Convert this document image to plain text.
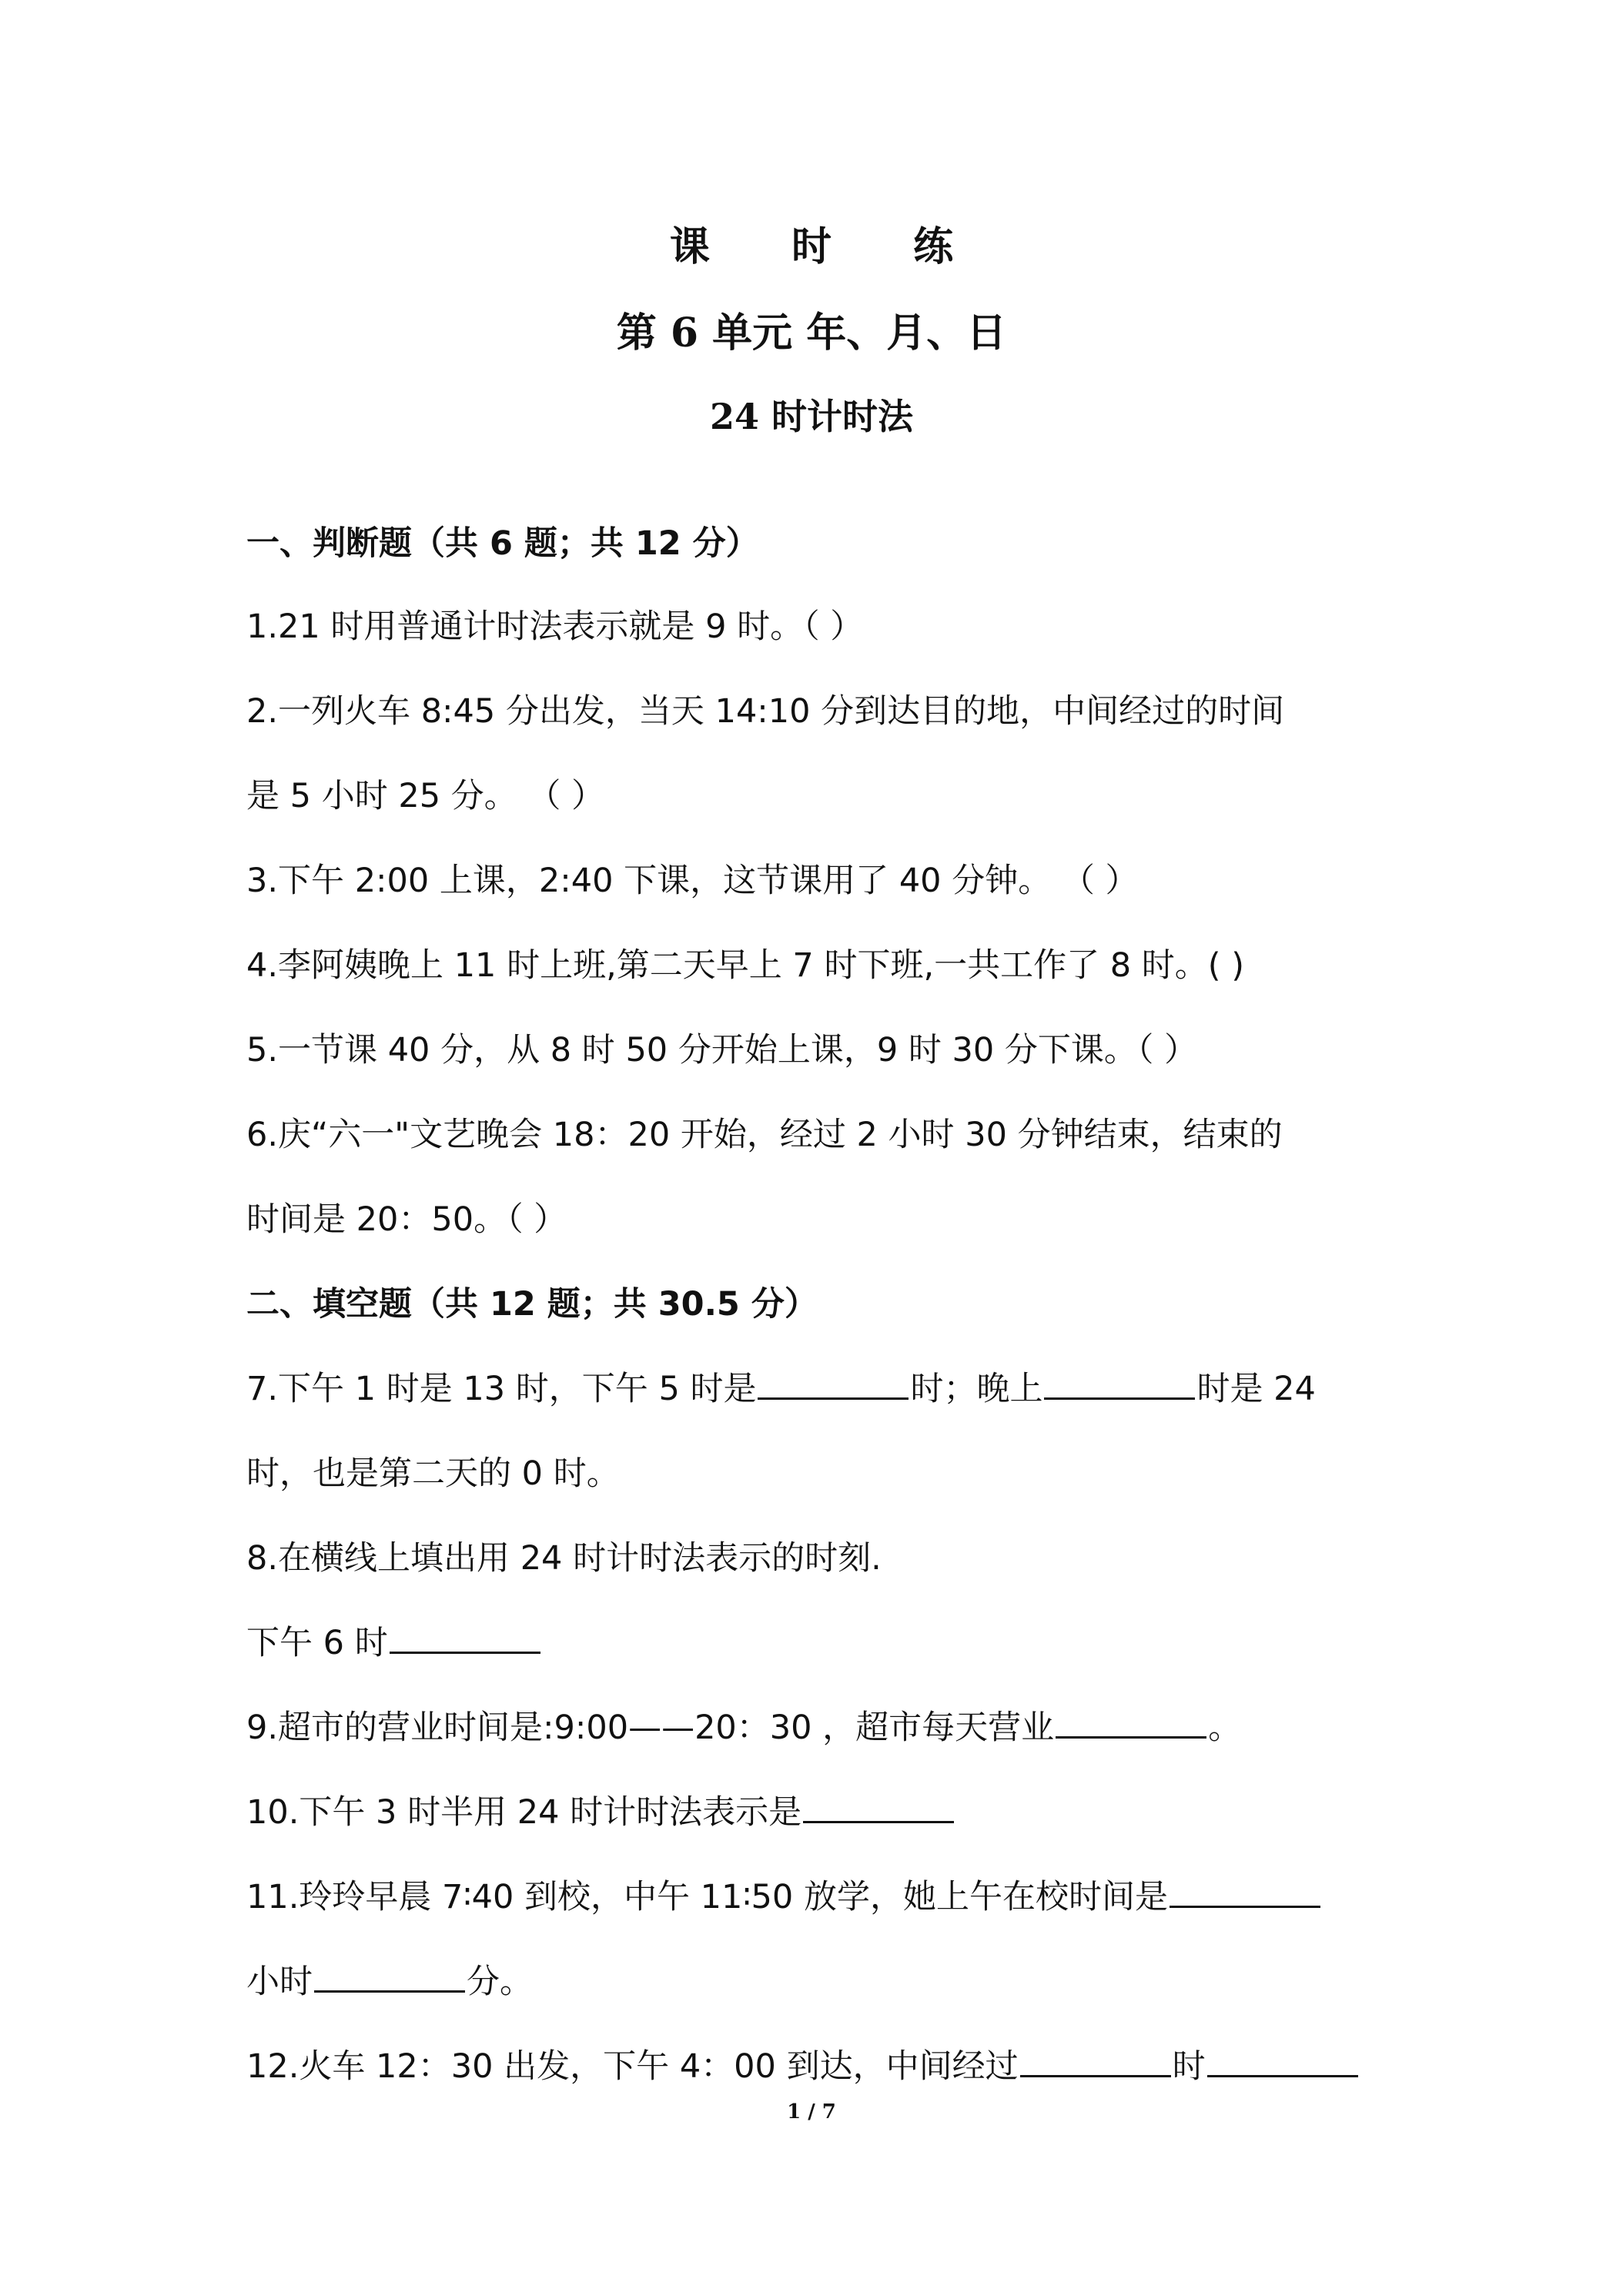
课 时 练
第 6 单元 年、月、日
24 时计时法
一、判断题（共 6 题；共 12 分）
1.21 时用普通计时法表示就是 9 时。（ ）
2.一列火车 8:45 分出发，当天 14:10 分到达目的地，中间经过的时间
是 5 小时 25 分。 （ ）
3.下午 2:00 上课，2:40 下课，这节课用了 40 分钟。 （ ）
4.李阿姨晚上 11 时上班,第二天早上 7 时下班,一共工作了 8 时。( )
5.一节课 40 分，从 8 时 50 分开始上课，9 时 30 分下课。（ ）
6.庆“六一"文艺晚会 18：20 开始，经过 2 小时 30 分钟结束，结束的
时间是 20：50。（ ）
二、填空题（共 12 题；共 30.5 分）
7.下午 1 时是 13 时，下午 5 时是	时；晚上	时是 24
时，也是第二天的 0 时。
8.在横线上填出用 24 时计时法表示的时刻.
下午 6 时
9.超市的营业时间是:9:00——20：30 ，超市每天营业	。
10.下午 3 时半用 24 时计时法表示是
11.玲玲早晨 7∶40 到校，中午 11∶50 放学，她上午在校时间是
小时	分。
12.火车 12：30 出发，下午 4：00 到达，中间经过	时
1 / 7
